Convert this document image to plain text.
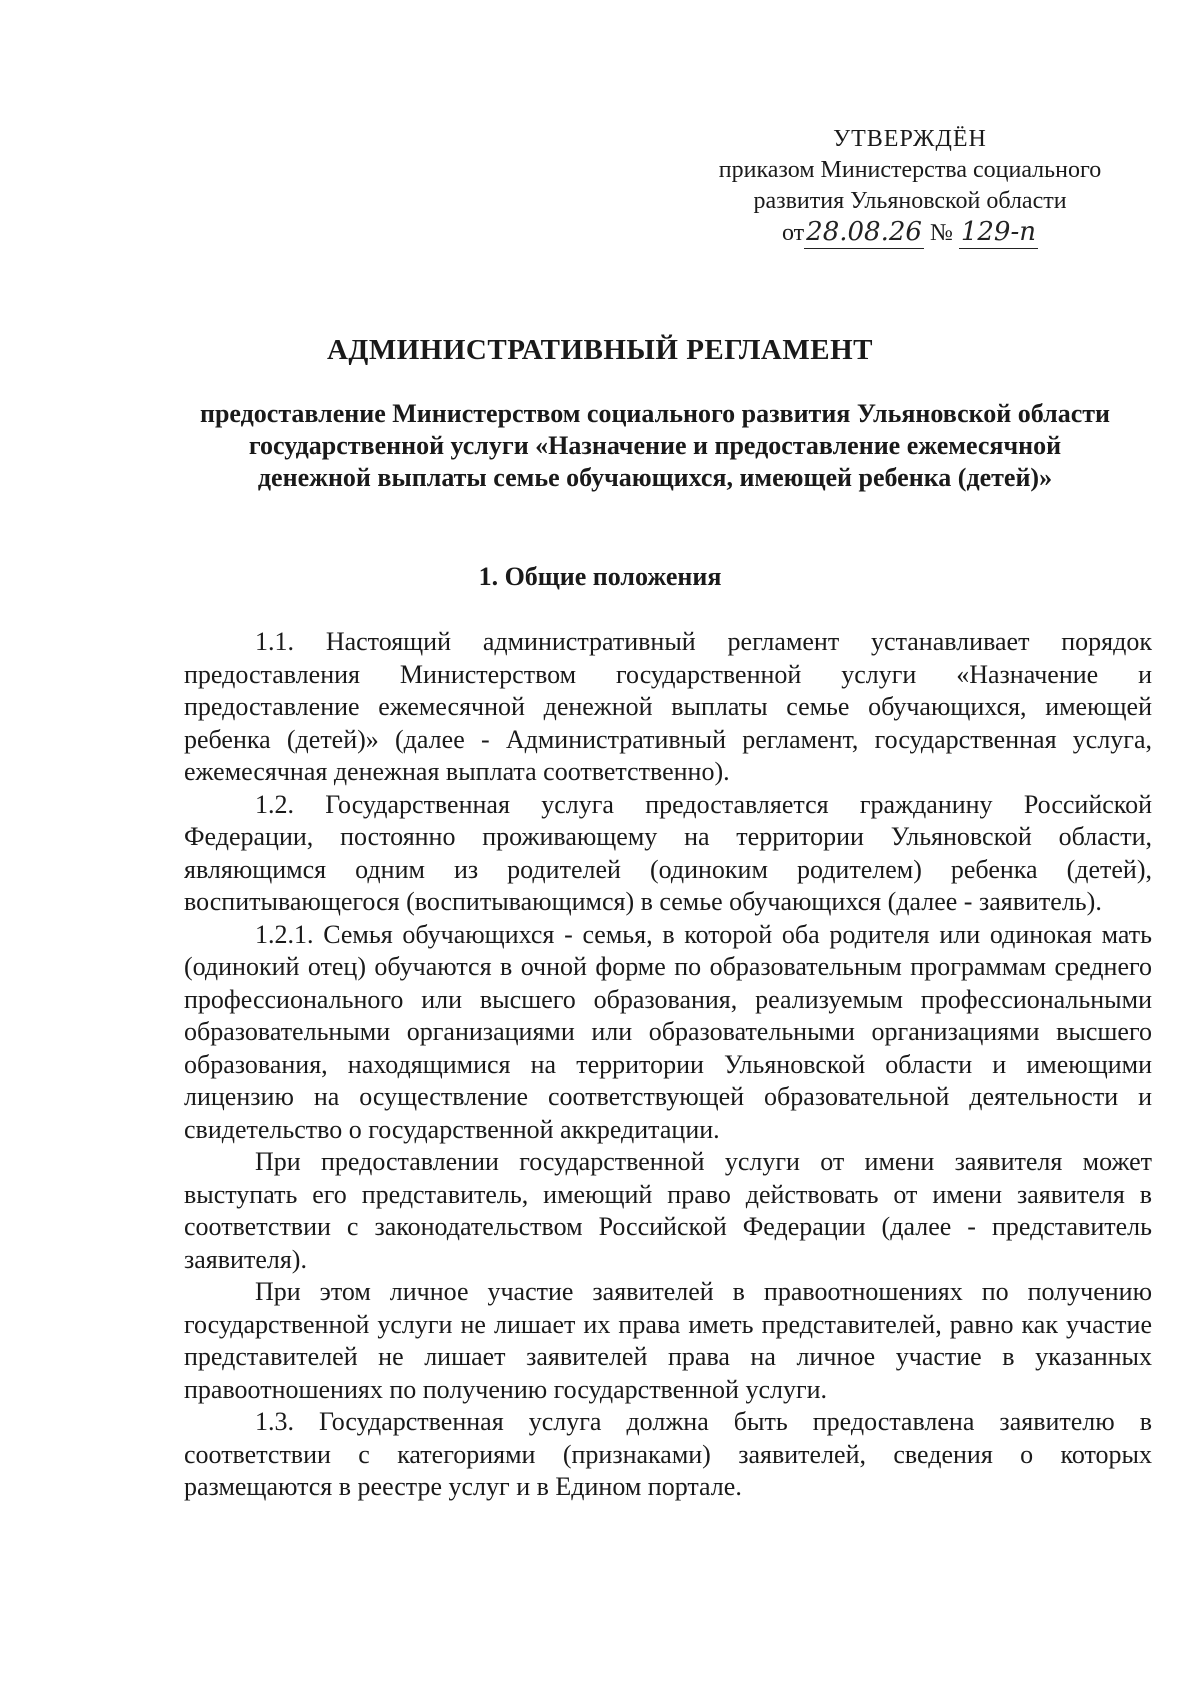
УТВЕРЖДЁН
приказом Министерства социального
развития Ульяновской области
от28.08.26 № 129-п
АДМИНИСТРАТИВНЫЙ РЕГЛАМЕНТ
предоставление Министерством социального развития Ульяновской области государственной услуги «Назначение и предоставление ежемесячной денежной выплаты семье обучающихся, имеющей ребенка (детей)»
1. Общие положения

1.1. Настоящий административный регламент устанавливает порядок предоставления Министерством государственной услуги «Назначение и предоставление ежемесячной денежной выплаты семье обучающихся, имеющей ребенка (детей)» (далее - Административный регламент, государственная услуга, ежемесячная денежная выплата соответственно).

1.2. Государственная услуга предоставляется гражданину Российской Федерации, постоянно проживающему на территории Ульяновской области, являющимся одним из родителей (одиноким родителем) ребенка (детей), воспитывающегося (воспитывающимся) в семье обучающихся (далее - заявитель).

1.2.1. Семья обучающихся - семья, в которой оба родителя или одинокая мать (одинокий отец) обучаются в очной форме по образовательным программам среднего профессионального или высшего образования, реализуемым профессиональными образовательными организациями или образовательными организациями высшего образования, находящимися на территории Ульяновской области и имеющими лицензию на осуществление соответствующей образовательной деятельности и свидетельство о государственной аккредитации.

При предоставлении государственной услуги от имени заявителя может выступать его представитель, имеющий право действовать от имени заявителя в соответствии с законодательством Российской Федерации (далее - представитель заявителя).

При этом личное участие заявителей в правоотношениях по получению государственной услуги не лишает их права иметь представителей, равно как участие представителей не лишает заявителей права на личное участие в указанных правоотношениях по получению государственной услуги.

1.3. Государственная услуга должна быть предоставлена заявителю в соответствии с категориями (признаками) заявителей, сведения о которых размещаются в реестре услуг и в Едином портале.
